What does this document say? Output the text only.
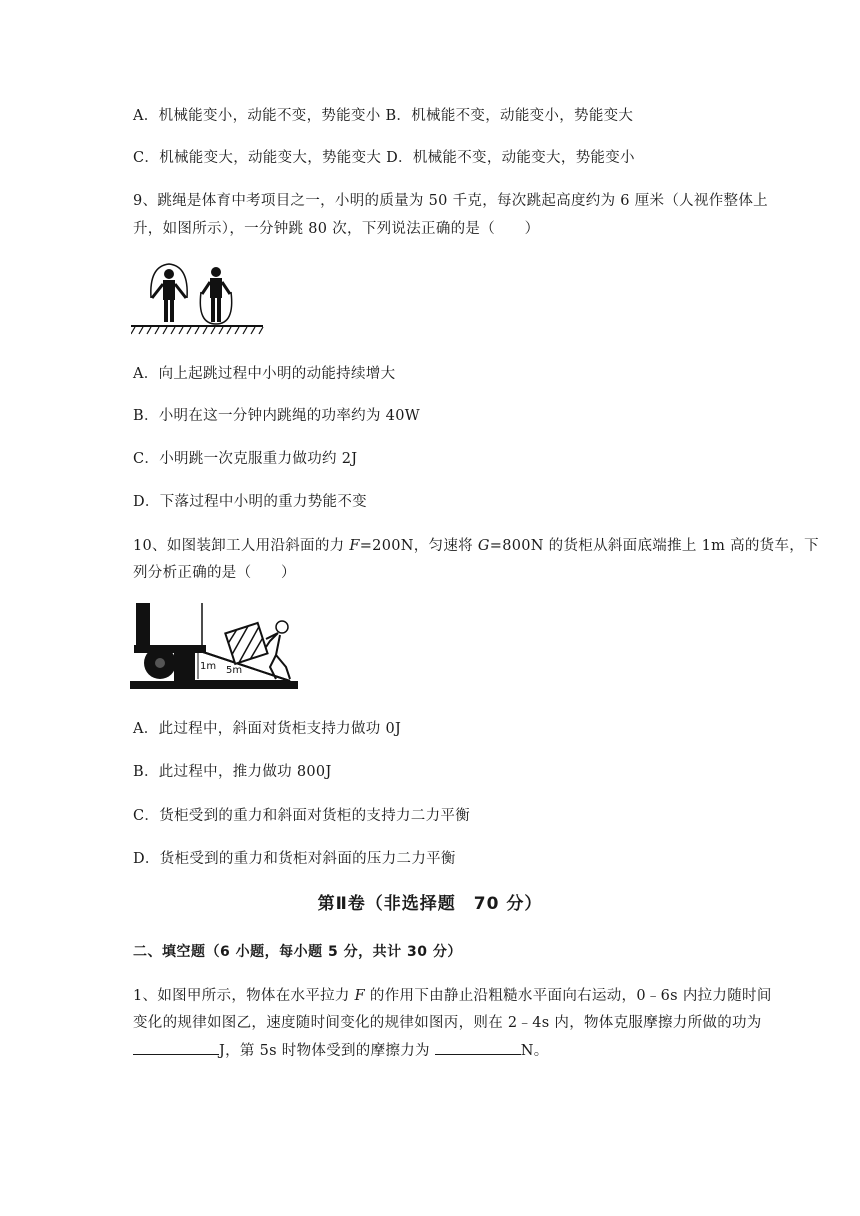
A．机械能变小，动能不变，势能变小 B．机械能不变，动能变小，势能变大
C．机械能变大，动能变大，势能变大 D．机械能不变，动能变大，势能变小
9、跳绳是体育中考项目之一，小明的质量为 50 千克，每次跳起高度约为 6 厘米（人视作整体上
升，如图所示），一分钟跳 80 次，下列说法正确的是（　　）
A．向上起跳过程中小明的动能持续增大
B．小明在这一分钟内跳绳的功率约为 40W
C．小明跳一次克服重力做功约 2J
D．下落过程中小明的重力势能不变
10、如图装卸工人用沿斜面的力 F=200N，匀速将 G=800N 的货柜从斜面底端推上 1m 高的货车，下
列分析正确的是（　　）
1m 5m
A．此过程中，斜面对货柜支持力做功 0J
B．此过程中，推力做功 800J
C．货柜受到的重力和斜面对货柜的支持力二力平衡
D．货柜受到的重力和货柜对斜面的压力二力平衡
第Ⅱ卷（非选择题　70 分）
二、填空题（6 小题，每小题 5 分，共计 30 分）
1、如图甲所示，物体在水平拉力 F 的作用下由静止沿粗糙水平面向右运动，0﹣6s 内拉力随时间
变化的规律如图乙，速度随时间变化的规律如图丙，则在 2﹣4s 内，物体克服摩擦力所做的功为
J，第 5s 时物体受到的摩擦力为	N。
